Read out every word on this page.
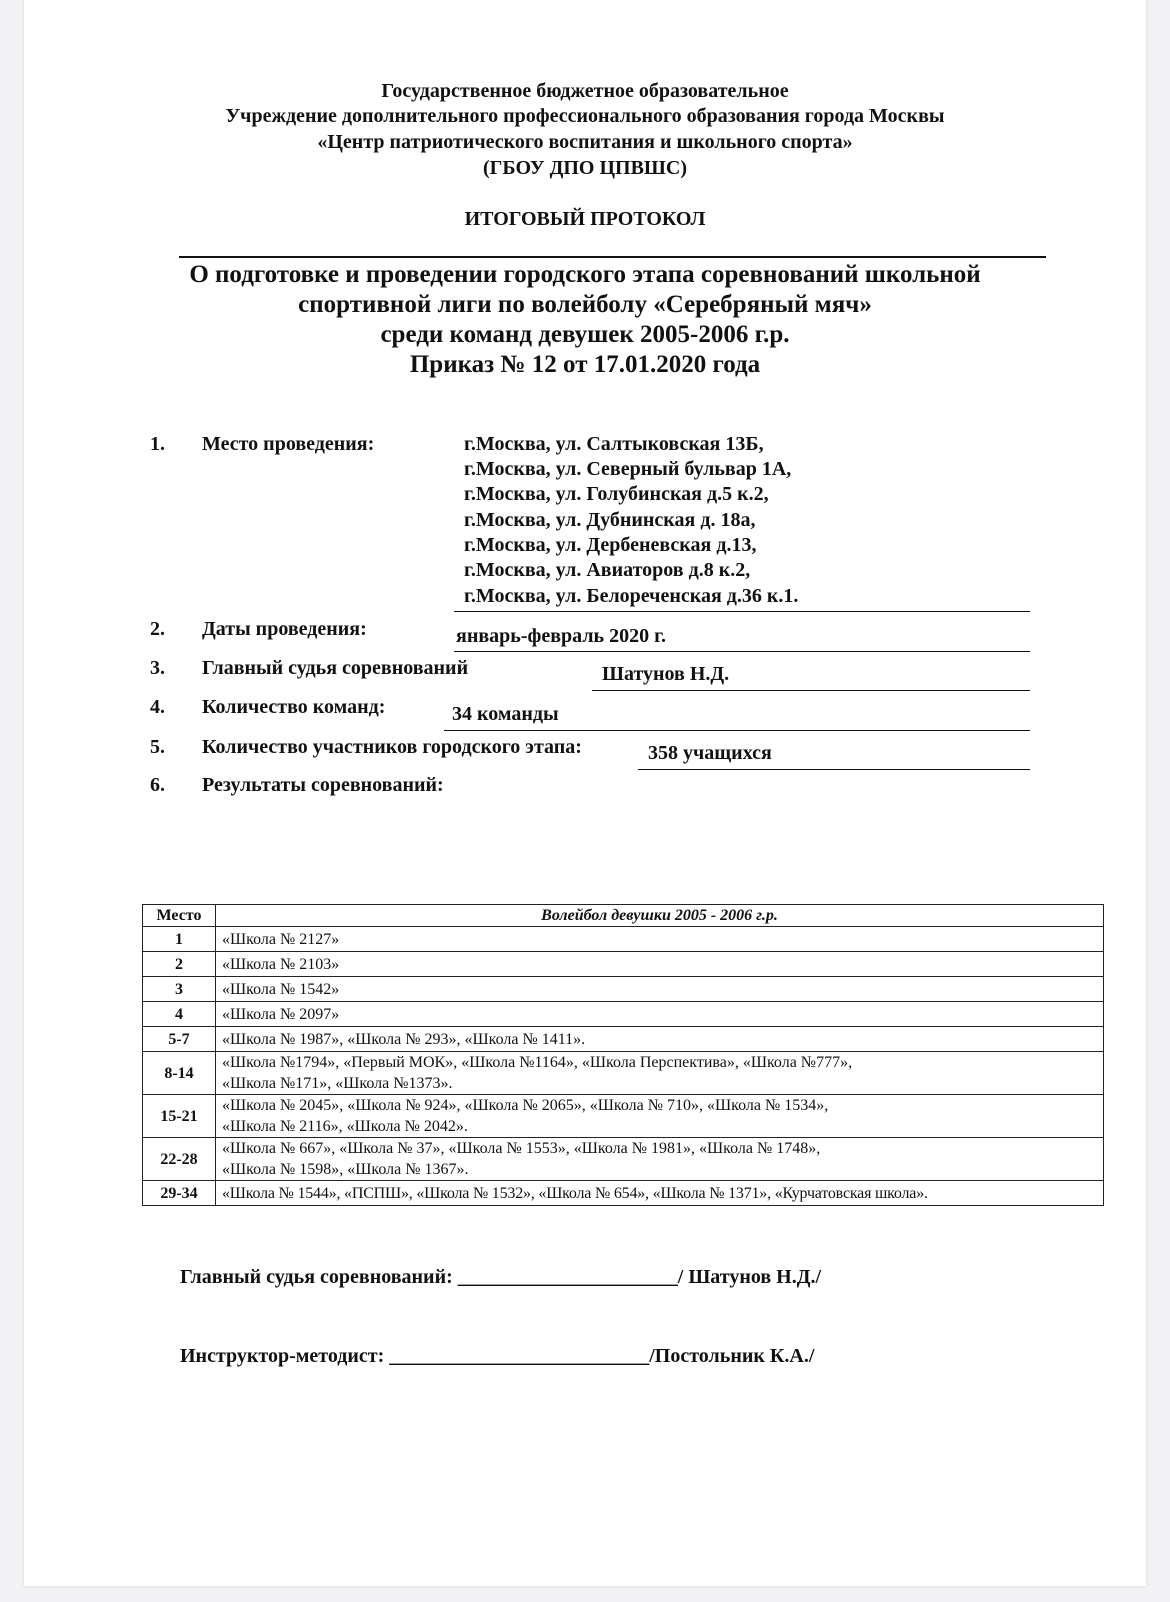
Государственное бюджетное образовательное
Учреждение дополнительного профессионального образования города Москвы
«Центр патриотического воспитания и школьного спорта»
(ГБОУ ДПО ЦПВШС)
ИТОГОВЫЙ ПРОТОКОЛ
О подготовке и проведении городского этапа соревнований школьной
спортивной лиги по волейболу «Серебряный мяч»
среди команд девушек 2005-2006 г.р.
Приказ № 12 от 17.01.2020 года
1. Место проведения:	г.Москва, ул. Салтыковская 13Б,
г.Москва, ул. Северный бульвар 1А,
г.Москва, ул. Голубинская д.5 к.2,
г.Москва, ул. Дубнинская д. 18а,
г.Москва, ул. Дербеневская д.13,
г.Москва, ул. Авиаторов д.8 к.2,
г.Москва, ул. Белореченская д.36 к.1.
2. Даты проведения:	январь-февраль 2020 г.
3. Главный судья соревнований	Шатунов Н.Д.
4. Количество команд:	34 команды
5. Количество участников городского этапа:	358 учащихся
6. Результаты соревнований:
Место	Волейбол девушки 2005 - 2006 г.р.
1	«Школа № 2127»
2	«Школа № 2103»
3	«Школа № 1542»
4	«Школа № 2097»
5-7	«Школа № 1987», «Школа № 293», «Школа № 1411».
8-14	«Школа №1794», «Первый МОК», «Школа №1164», «Школа Перспектива», «Школа №777»,
«Школа №171», «Школа №1373».

15-21	«Школа № 2045», «Школа № 924», «Школа № 2065», «Школа № 710», «Школа № 1534»,
«Школа № 2116», «Школа № 2042».

22-28	«Школа № 667», «Школа № 37», «Школа № 1553», «Школа № 1981», «Школа № 1748»,
«Школа № 1598», «Школа № 1367».

29-34	«Школа № 1544», «ПСПШ», «Школа № 1532», «Школа № 654», «Школа № 1371», «Курчатовская школа».
Главный судья соревнований: ______________________/ Шатунов Н.Д./
Инструктор-методист: __________________________/Постольник К.А./
